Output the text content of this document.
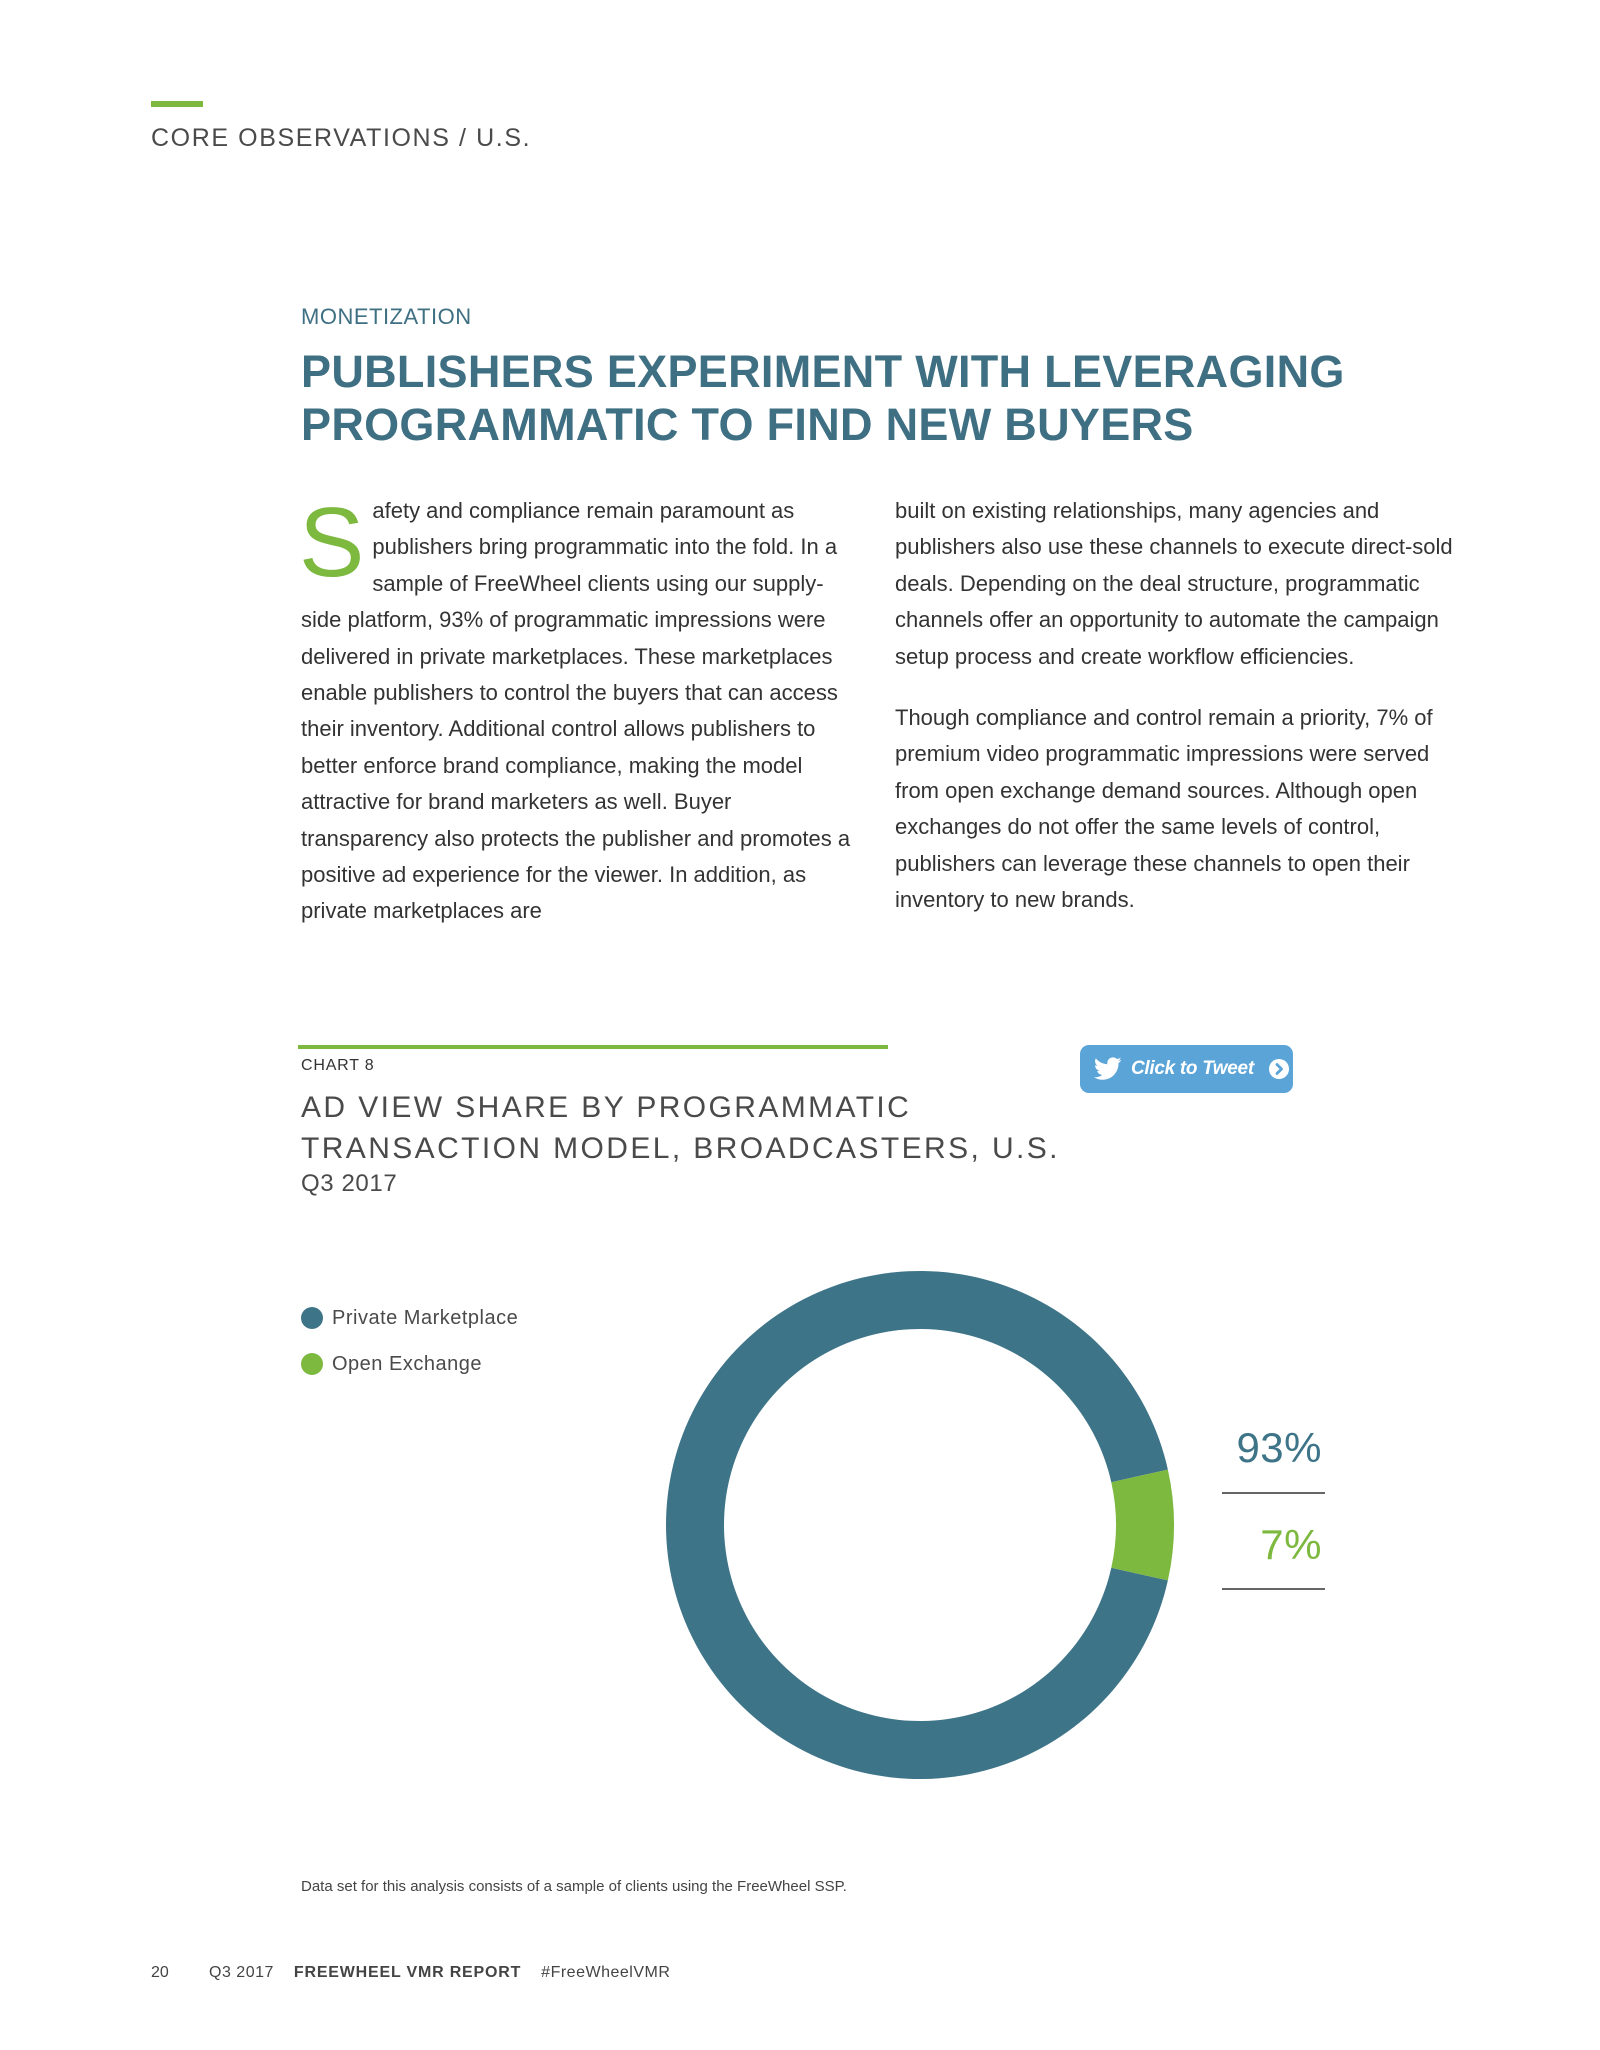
CORE OBSERVATIONS / U.S.
MONETIZATION
PUBLISHERS EXPERIMENT WITH LEVERAGING PROGRAMMATIC TO FIND NEW BUYERS

S afety and compliance remain paramount as publishers bring programmatic into the fold. In a sample of FreeWheel clients using our supply-side platform, 93% of programmatic impressions were delivered in private marketplaces. These marketplaces enable publishers to control the buyers that can access their inventory. Additional control allows publishers to better enforce brand compliance, making the model attractive for brand marketers as well. Buyer transparency also protects the publisher and promotes a positive ad experience for the viewer. In addition, as private marketplaces are

built on existing relationships, many agencies and publishers also use these channels to execute direct-sold deals. Depending on the deal structure, programmatic channels offer an opportunity to automate the campaign setup process and create workflow efficiencies.

Though compliance and control remain a priority, 7% of premium video programmatic impressions were served from open exchange demand sources. Although open exchanges do not offer the same levels of control, publishers can leverage these channels to open their inventory to new brands.

CHART 8
AD VIEW SHARE BY PROGRAMMATIC TRANSACTION MODEL, BROADCASTERS, U.S.
Q3 2017
Click to Tweet
Private Marketplace
Open Exchange
93%
7%
Data set for this analysis consists of a sample of clients using the FreeWheel SSP.
20	Q3 2017 FREEWHEEL VMR REPORT #FreeWheelVMR
